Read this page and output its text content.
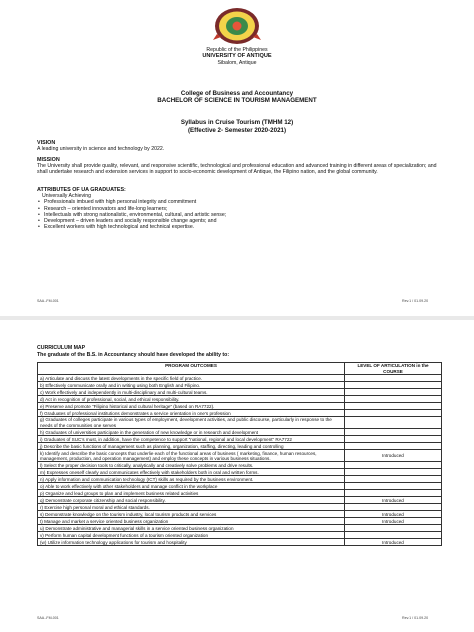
Republic of the Philippines
UNIVERSITY OF ANTIQUE
Sibalom, Antique
College of Business and Accountancy
BACHELOR OF SCIENCE IN TOURISM MANAGEMENT
Syllabus in Cruise Tourism (TMHM 12)
(Effective 2- Semester 2020-2021)
VISION
A leading university in science and technology by 2022.
MISSION
The University shall provide quality, relevant, and responsive scientific, technological and professional education and advanced training in different areas of specialization; and shall undertake research and extension services in support to socio-economic development of Antique, the Filipino nation, and the global community.
ATTRIBUTES OF UA GRADUATES:
Universally Achieving
• Professionals imbued with high personal integrity and commitment
• Research – oriented innovators and life-long learners;
• Intellectuals with strong nationalistic, environmental, cultural, and artistic sense;
• Development – driven leaders and socially responsible change agents; and
• Excellent workers with high technological and technical expertise.
SAA.-FM-001	Rev.1 / 01.09.20
CURRICULUM MAP
The graduate of the B.S. in Accountancy should have developed the ability to:
PROGRAM OUTCOMES	LEVEL OF ARTICULATION in the COURSE
a) Articulate and discuss the latest developments in the specific field of practice.	
b) Effectively communicate orally and in writing using both English and Filipino.	
c) Work effectively and independently in multi-disciplinary and multi-cultural teams.	
d) Act in recognition of professional, social, and ethical responsibility.	
e) Preserve and promote “Filipino historical and cultural heritage” (based on RA7722).	
f) Graduates of professional institutions demonstrates a service orientation in one’s profession	
g) Graduates of colleges participate in various types of employment, development activities, and public discourse, particularly in response to the needs of the communities one serves	
h) Graduates of universities participate in the generation of new knowledge or in research and development	
i) Graduates of SUC’s must, in addition, have the competence to support “national, regional and local development” RA7722	
j) Describe the basic functions of management such as planning, organization, staffing, directing, leading and controlling	
k) Identify and describe the basic concepts that underlie each of the functional areas of business ( marketing, finance, human resources, management, production, and operation management) and employ these concepts in various business situations.	Introduced
l) Select the proper decision tools to critically, analytically and creatively solve problems and drive results.	
m) Expresses oneself clearly and communicates effectively with stakeholders both in oral and written forms.	
n) Apply information and communication technology (ICT) skills as required by the business environment.	
o) Able to work effectively with other stakeholders and manage conflict in the workplace	
p) Organize and lead groups to plan and implement business related activities	
q) Demonstrate corporate citizenship and social responsibility.	Introduced
r) Exercise high personal moral and ethical standards.	
s) Demonstrate knowledge on the tourism industry, local tourism products and services	Introduced
t) Manage and market a service oriented business organization	Introduced
u) Demonstrate administrative and managerial skills in a service oriented business organization	
v) Perform human capital development functions of a tourism oriented organization	
(w) Utilize information technology applications for tourism and hospitality	Introduced
SAA.-FM-001	Rev.1 / 01.09.20
